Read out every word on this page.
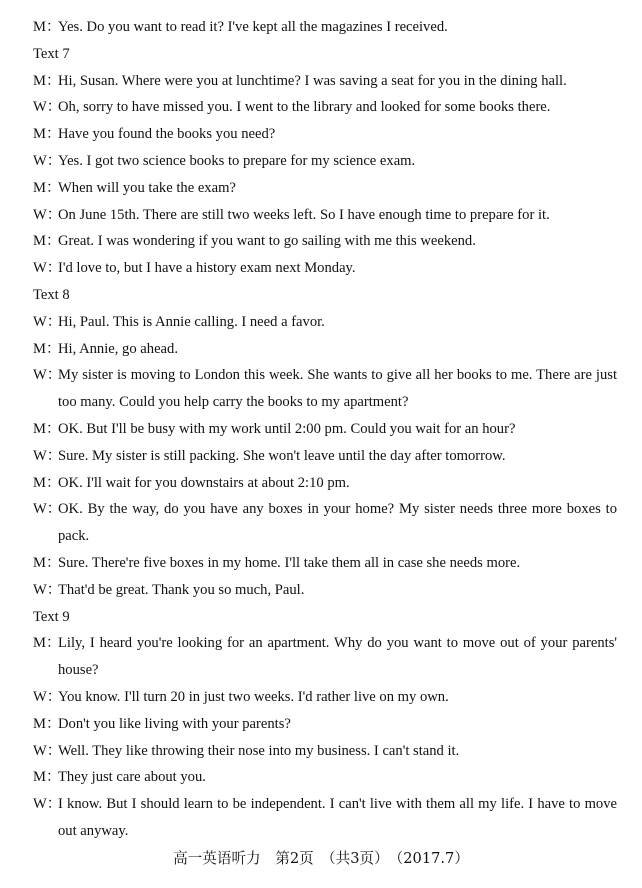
M：
Yes. Do you want to read it? I've kept all the magazines I received.
Text 7
M：
Hi, Susan. Where were you at lunchtime? I was saving a seat for you in the dining hall.
W：
Oh, sorry to have missed you. I went to the library and looked for some books there.
M：
Have you found the books you need?
W：
Yes. I got two science books to prepare for my science exam.
M：
When will you take the exam?
W：
On June 15th. There are still two weeks left. So I have enough time to prepare for it.
M：
Great. I was wondering if you want to go sailing with me this weekend.
W：
I'd love to, but I have a history exam next Monday.
Text 8
W：
Hi, Paul. This is Annie calling. I need a favor.
M：
Hi, Annie, go ahead.
W：
My sister is moving to London this week. She wants to give all her books to me. There are just too many. Could you help carry the books to my apartment?
M：
OK. But I'll be busy with my work until 2:00 pm. Could you wait for an hour?
W：
Sure. My sister is still packing. She won't leave until the day after tomorrow.
M：
OK. I'll wait for you downstairs at about 2:10 pm.
W：
OK. By the way, do you have any boxes in your home? My sister needs three more boxes to pack.
M：
Sure. There're five boxes in my home. I'll take them all in case she needs more.
W：
That'd be great. Thank you so much, Paul.
Text 9
M：
Lily, I heard you're looking for an apartment. Why do you want to move out of your parents' house?
W：
You know. I'll turn 20 in just two weeks. I'd rather live on my own.
M：
Don't you like living with your parents?
W：
Well. They like throwing their nose into my business. I can't stand it.
M：
They just care about you.
W：
I know. But I should learn to be independent. I can't live with them all my life. I have to move out anyway.
高一英语听力　第2页　（共3页）　（2017.7）
